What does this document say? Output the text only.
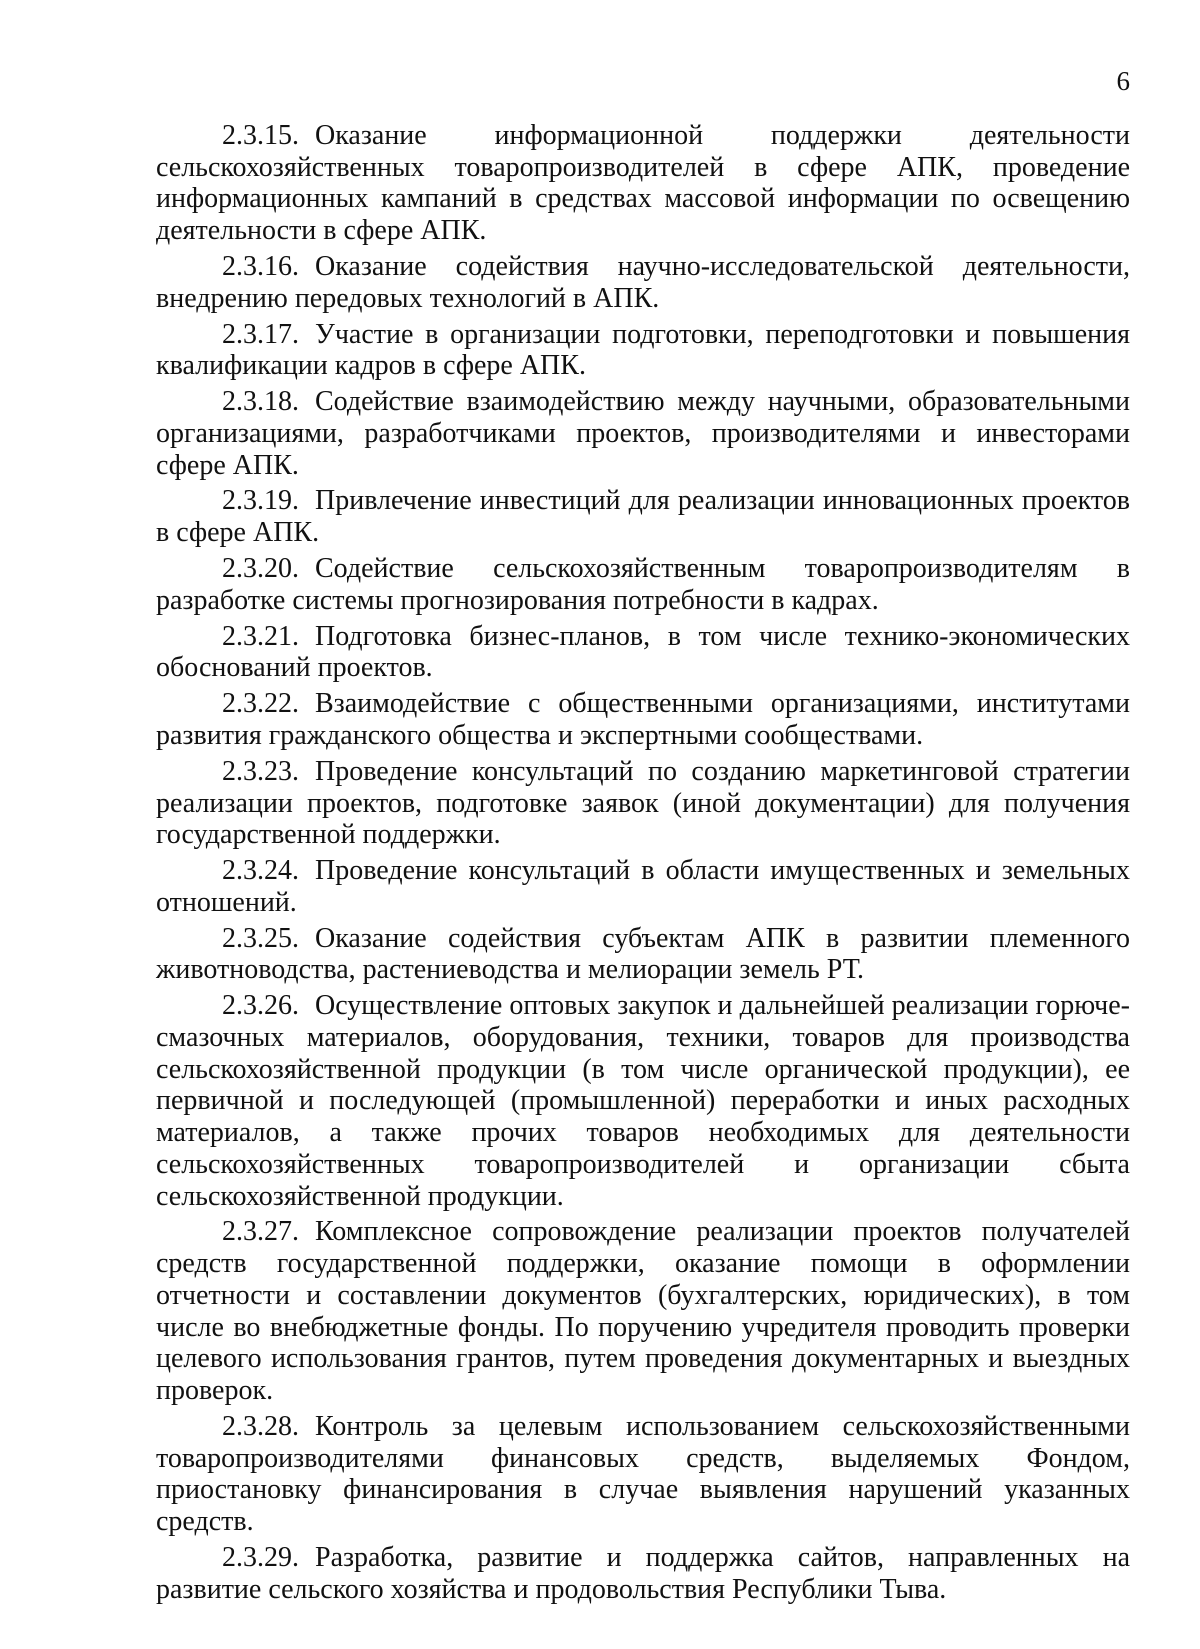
6

2.3.15. Оказание информационной поддержки деятельности сельскохозяйственных товаропроизводителей в сфере АПК, проведение информационных кампаний в средствах массовой информации по освещению деятельности в сфере АПК.

2.3.16. Оказание содействия научно-исследовательской деятельности, внедрению передовых технологий в АПК.

2.3.17. Участие в организации подготовки, переподготовки и повышения квалификации кадров в сфере АПК.

2.3.18. Содействие взаимодействию между научными, образовательными организациями, разработчиками проектов, производителями и инвесторами сфере АПК.

2.3.19. Привлечение инвестиций для реализации инновационных проектов в сфере АПК.

2.3.20. Содействие сельскохозяйственным товаропроизводителям в разработке системы прогнозирования потребности в кадрах.

2.3.21. Подготовка бизнес-планов, в том числе технико-экономических обоснований проектов.

2.3.22. Взаимодействие с общественными организациями, институтами развития гражданского общества и экспертными сообществами.

2.3.23. Проведение консультаций по созданию маркетинговой стратегии реализации проектов, подготовке заявок (иной документации) для получения государственной поддержки.

2.3.24. Проведение консультаций в области имущественных и земельных отношений.

2.3.25. Оказание содействия субъектам АПК в развитии племенного животноводства, растениеводства и мелиорации земель РТ.

2.3.26. Осуществление оптовых закупок и дальнейшей реализации горюче-смазочных материалов, оборудования, техники, товаров для производства сельскохозяйственной продукции (в том числе органической продукции), ее первичной и последующей (промышленной) переработки и иных расходных материалов, а также прочих товаров необходимых для деятельности сельскохозяйственных товаропроизводителей и организации сбыта сельскохозяйственной продукции.

2.3.27. Комплексное сопровождение реализации проектов получателей средств государственной поддержки, оказание помощи в оформлении отчетности и составлении документов (бухгалтерских, юридических), в том числе во внебюджетные фонды. По поручению учредителя проводить проверки целевого использования грантов, путем проведения документарных и выездных проверок.

2.3.28. Контроль за целевым использованием сельскохозяйственными товаропроизводителями финансовых средств, выделяемых Фондом, приостановку финансирования в случае выявления нарушений указанных средств.

2.3.29. Разработка, развитие и поддержка сайтов, направленных на развитие сельского хозяйства и продовольствия Республики Тыва.
